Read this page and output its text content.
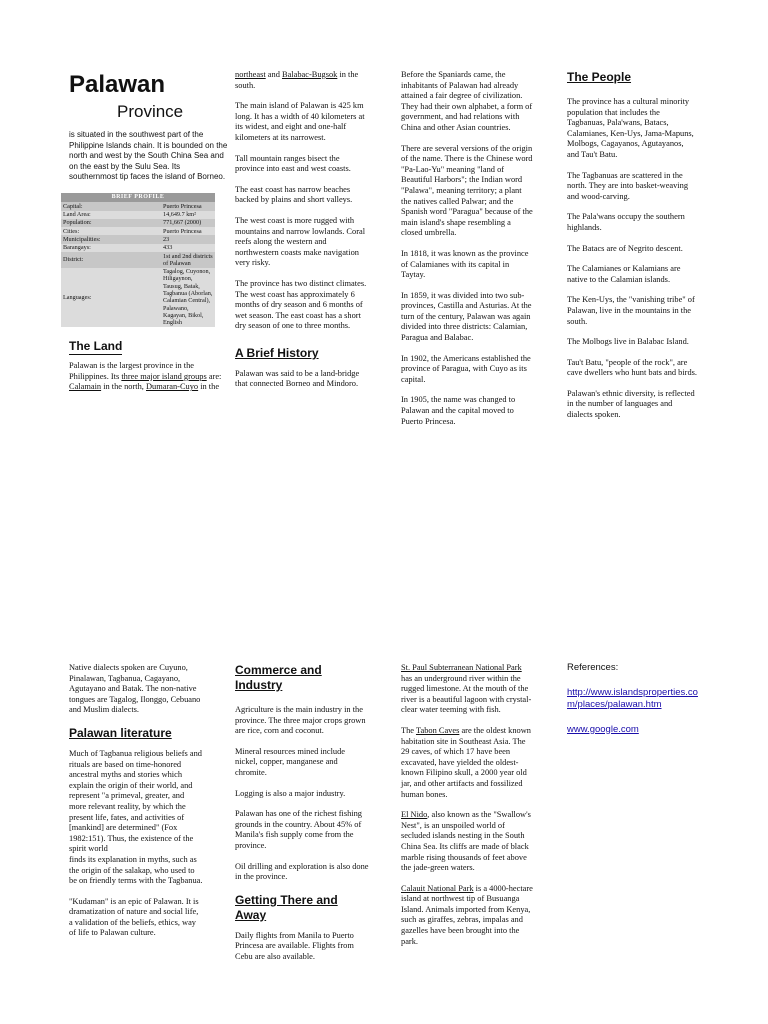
Palawan
Province

is situated in the southwest part of the Philippine Islands chain. It is bounded on the north and west by the South China Sea and on the east by the Sulu Sea. Its southernmost tip faces the island of Borneo.

BRIEF PROFILE	
Capital:	Puerto Princesa
Land Area:	14,649.7 km²
Population:	771,667 (2000)
Cities:	Puerto Princesa
Municipalities:	23
Barangays:	433
District:	1st and 2nd districts of Palawan
Languages:	Tagalog, Cuyonon, Hiligaynon, Tausug, Batak, Tagbanua (Aborlan, Calamian Central), Palawano, Kagayan, Bikol, English
The Land

Palawan is the largest province in the Philippines. Its three major island groups are: Calamain in the north, Dumaran-Cuyo in the

northeast and Balabac-Bugsok in the south.

The main island of Palawan is 425 km long. It has a width of 40 kilometers at its widest, and eight and one-half kilometers at its narrowest.

Tall mountain ranges bisect the province into east and west coasts.

The east coast has narrow beaches backed by plains and short valleys.

The west coast is more rugged with mountains and narrow lowlands. Coral reefs along the western and northwestern coasts make navigation very risky.

The province has two distinct climates. The west coast has approximately 6 months of dry season and 6 months of wet season. The east coast has a short dry season of one to three months.

A Brief History

Palawan was said to be a land-bridge that connected Borneo and Mindoro.

Before the Spaniards came, the inhabitants of Palawan had already attained a fair degree of civilization. They had their own alphabet, a form of government, and had relations with China and other Asian countries.

There are several versions of the origin of the name. There is the Chinese word "Pa-Lao-Yu" meaning "land of Beautiful Harbors"; the Indian word "Palawa", meaning territory; a plant the natives called Palwar; and the Spanish word "Paragua" because of the main island's shape resembling a closed umbrella.

In 1818, it was known as the province of Calamianes with its capital in Taytay.

In 1859, it was divided into two sub-provinces, Castilla and Asturias. At the turn of the century, Palawan was again divided into three districts: Calamian, Paragua and Balabac.

In 1902, the Americans established the province of Paragua, with Cuyo as its capital.

In 1905, the name was changed to Palawan and the capital moved to Puerto Princesa.

The People

The province has a cultural minority population that includes the Tagbanuas, Pala'wans, Batacs, Calamianes, Ken-Uys, Jama-Mapuns, Molbogs, Cagayanos, Agutayanos, and Tau't Batu.

The Tagbanuas are scattered in the north. They are into basket-weaving and wood-carving.

The Pala'wans occupy the southern highlands.

The Batacs are of Negrito descent.

The Calamianes or Kalamians are native to the Calamian islands.

The Ken-Uys, the "vanishing tribe" of Palawan, live in the mountains in the south.

The Molbogs live in Balabac Island.

Tau't Batu, "people of the rock", are cave dwellers who hunt bats and birds.

Palawan's ethnic diversity, is reflected in the number of languages and dialects spoken.

Native dialects spoken are Cuyuno, Pinalawan, Tagbanua, Cagayano, Agutayano and Batak. The non-native tongues are Tagalog, Ilonggo, Cebuano and Muslim dialects.

Palawan literature

Much of Tagbanua religious beliefs and rituals are based on time-honored ancestral myths and stories which explain the origin of their world, and represent "a primeval, greater, and more relevant reality, by which the present life, fates, and activities of [mankind] are determined" (Fox 1982:151). Thus, the existence of the spirit world

finds its explanation in myths, such as the origin of the salakap, who used to be on friendly terms with the Tagbanua.

"Kudaman" is an epic of Palawan. It is dramatization of nature and social life, a validation of the beliefs, ethics, way of life to Palawan culture.

Commerce and Industry

Agriculture is the main industry in the province. The three major crops grown are rice, corn and coconut.

Mineral resources mined include nickel, copper, manganese and chromite.

Logging is also a major industry.

Palawan has one of the richest fishing grounds in the country. About 45% of Manila's fish supply come from the province.

Oil drilling and exploration is also done in the province.

Getting There and Away

Daily flights from Manila to Puerto Princesa are available. Flights from Cebu are also available.

St. Paul Subterranean National Park has an underground river within the rugged limestone. At the mouth of the river is a beautiful lagoon with crystal-clear water teeming with fish.

The Tabon Caves are the oldest known habitation site in Southeast Asia. The 29 caves, of which 17 have been excavated, have yielded the oldest-known Filipino skull, a 2000 year old jar, and other artifacts and fossilized human bones.

El Nido, also known as the "Swallow's Nest", is an unspoiled world of secluded islands nesting in the South China Sea. Its cliffs are made of black marble rising thousands of feet above the jade-green waters.

Calauit National Park is a 4000-hectare island at northwest tip of Busuanga Island. Animals imported from Kenya, such as giraffes, zebras, impalas and gazelles have been brought into the park.

References:

http://www.islandsproperties.com/places/palawan.htm

www.google.com
